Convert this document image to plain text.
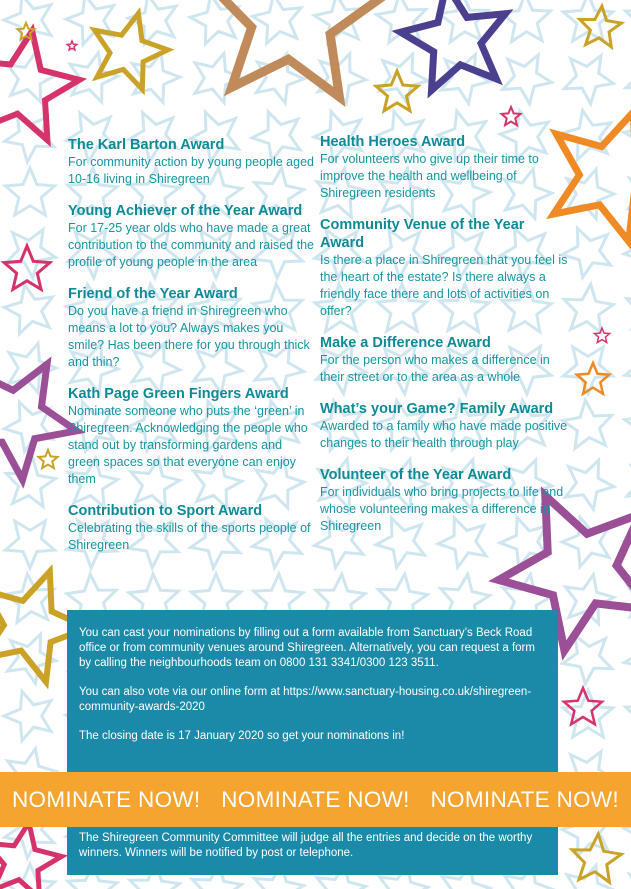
The Karl Barton Award
For community action by young people aged 10-16 living in Shiregreen
Young Achiever of the Year Award
For 17-25 year olds who have made a great contribution to the community and raised the profile of young people in the area
Friend of the Year Award
Do you have a friend in Shiregreen who means a lot to you? Always makes you smile? Has been there for you through thick and thin?
Kath Page Green Fingers Award
Nominate someone who puts the ‘green’ in Shiregreen. Acknowledging the people who stand out by transforming gardens and green spaces so that everyone can enjoy them
Contribution to Sport Award
Celebrating the skills of the sports people of Shiregreen
Health Heroes Award
For volunteers who give up their time to improve the health and wellbeing of Shiregreen residents
Community Venue of the Year Award
Is there a place in Shiregreen that you feel is the heart of the estate? Is there always a friendly face there and lots of activities on offer?
Make a Difference Award
For the person who makes a difference in their street or to the area as a whole
What’s your Game? Family Award
Awarded to a family who have made positive changes to their health through play
Volunteer of the Year Award
For individuals who bring projects to life and whose volunteering makes a difference in Shiregreen

You can cast your nominations by filling out a form available from Sanctuary’s Beck Road office or from community venues around Shiregreen. Alternatively, you can request a form by calling the neighbourhoods team on 0800 131 3341/0300 123 3511.

You can also vote via our online form at https://www.sanctuary-housing.co.uk/shiregreen-community-awards-2020

The closing date is 17 January 2020 so get your nominations in!

NOMINATE NOW! NOMINATE NOW! NOMINATE NOW!
The Shiregreen Community Committee will judge all the entries and decide on the worthy winners. Winners will be notified by post or telephone.
